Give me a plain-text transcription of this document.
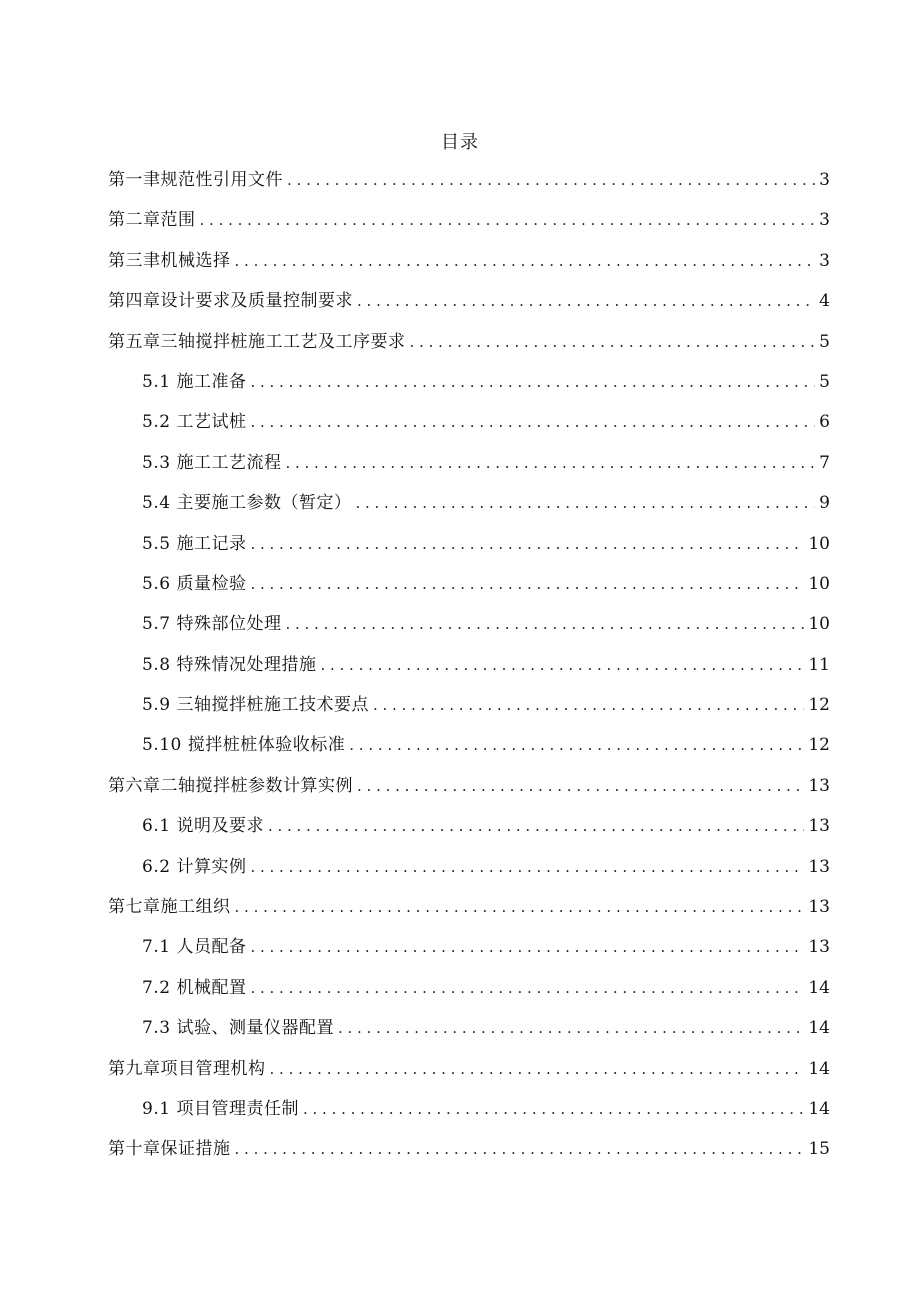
目录
第一聿规范性引用文件 . . .	3
第二章范围 . . .	3
第三聿机械选择 . . .	3
第四章设计要求及质量控制要求 . . .	4
第五章三轴搅拌桩施工工艺及工序要求 . . .	5
5.1 施工准备 . . .	5
5.2 工艺试桩 . . .	6
5.3 施工工艺流程 . . .	7
5.4 主要施工参数（暂定） . . .	9
5.5 施工记录 . . .	10
5.6 质量检验 . . .	10
5.7 特殊部位处理 . . .	10
5.8 特殊情况处理措施 . . .	11
5.9 三轴搅拌桩施工技术要点 . . .	12
5.10 搅拌桩桩体验收标准 . . .	12
第六章二轴搅拌桩参数计算实例 . . .	13
6.1 说明及要求 . . .	13
6.2 计算实例 . . .	13
第七章施工组织 . . .	13
7.1 人员配备 . . .	13
7.2 机械配置 . . .	14
7.3 试验、测量仪器配置 . . .	14
第九章项目管理机构 . . .	14
9.1 项目管理责任制 . . .	14
第十章保证措施 . . .	15
